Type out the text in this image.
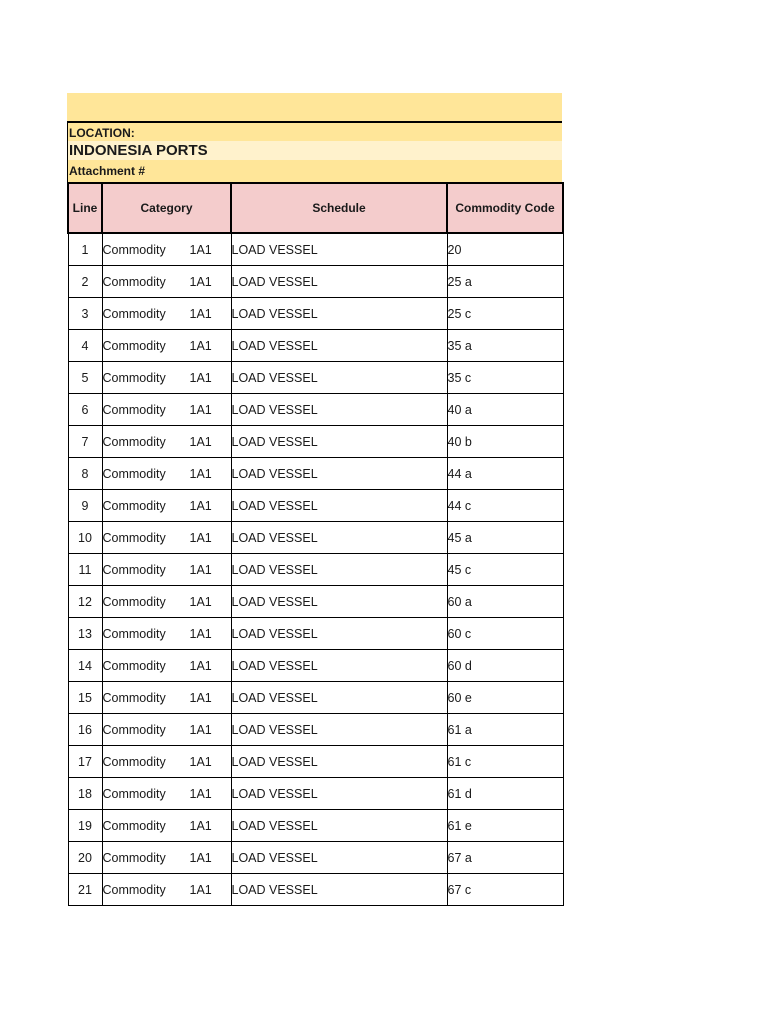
LOCATION:
INDONESIA PORTS
Attachment #
Line	Category	Schedule	Commodity Code
1	Commodity 1A1	LOAD VESSEL	20
2	Commodity 1A1	LOAD VESSEL	25 a
3	Commodity 1A1	LOAD VESSEL	25 c
4	Commodity 1A1	LOAD VESSEL	35 a
5	Commodity 1A1	LOAD VESSEL	35 c
6	Commodity 1A1	LOAD VESSEL	40 a
7	Commodity 1A1	LOAD VESSEL	40 b
8	Commodity 1A1	LOAD VESSEL	44 a
9	Commodity 1A1	LOAD VESSEL	44 c
10	Commodity 1A1	LOAD VESSEL	45 a
11	Commodity 1A1	LOAD VESSEL	45 c
12	Commodity 1A1	LOAD VESSEL	60 a
13	Commodity 1A1	LOAD VESSEL	60 c
14	Commodity 1A1	LOAD VESSEL	60 d
15	Commodity 1A1	LOAD VESSEL	60 e
16	Commodity 1A1	LOAD VESSEL	61 a
17	Commodity 1A1	LOAD VESSEL	61 c
18	Commodity 1A1	LOAD VESSEL	61 d
19	Commodity 1A1	LOAD VESSEL	61 e
20	Commodity 1A1	LOAD VESSEL	67 a
21	Commodity 1A1	LOAD VESSEL	67 c
